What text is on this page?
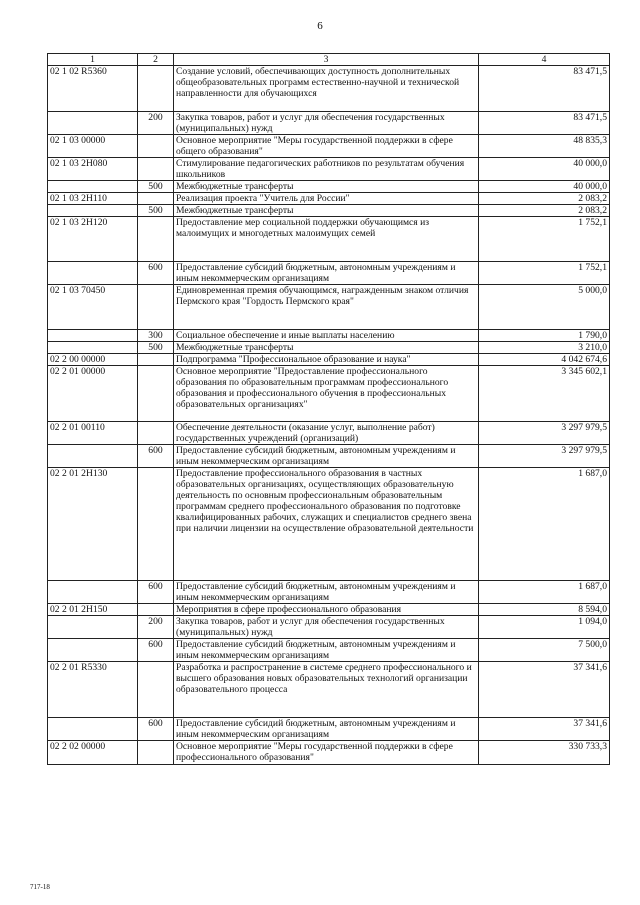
6
1	2	3	4
02 1 02 R5360		Создание условий, обеспечивающих доступность дополнительных общеобразовательных программ естественно-научной и технической направленности для обучающихся	83 471,5
	200	Закупка товаров, работ и услуг для обеспечения государственных (муниципальных) нужд	83 471,5
02 1 03 00000		Основное мероприятие "Меры государственной поддержки в сфере общего образования"	48 835,3
02 1 03 2Н080		Стимулирование педагогических работников по результатам обучения школьников	40 000,0
	500	Межбюджетные трансферты	40 000,0
02 1 03 2Н110		Реализация проекта "Учитель для России"	2 083,2
	500	Межбюджетные трансферты	2 083,2
02 1 03 2Н120		Предоставление мер социальной поддержки обучающимся из малоимущих и многодетных малоимущих семей	1 752,1
	600	Предоставление субсидий бюджетным, автономным учреждениям и иным некоммерческим организациям	1 752,1
02 1 03 70450		Единовременная премия обучающимся, награжденным знаком отличия Пермского края "Гордость Пермского края"	5 000,0
	300	Социальное обеспечение и иные выплаты населению	1 790,0
	500	Межбюджетные трансферты	3 210,0
02 2 00 00000		Подпрограмма "Профессиональное образование и наука"	4 042 674,6
02 2 01 00000		Основное мероприятие "Предоставление профессионального образования по образовательным программам профессионального образования и профессионального обучения в профессиональных образовательных организациях"	3 345 602,1
02 2 01 00110		Обеспечение деятельности (оказание услуг, выполнение работ) государственных учреждений (организаций)	3 297 979,5
	600	Предоставление субсидий бюджетным, автономным учреждениям и иным некоммерческим организациям	3 297 979,5
02 2 01 2Н130		Предоставление профессионального образования в частных образовательных организациях, осуществляющих образовательную деятельность по основным профессиональным образовательным программам среднего профессионального образования по подготовке квалифицированных рабочих, служащих и специалистов среднего звена при наличии лицензии на осуществление образовательной деятельности	1 687,0
	600	Предоставление субсидий бюджетным, автономным учреждениям и иным некоммерческим организациям	1 687,0
02 2 01 2Н150		Мероприятия в сфере профессионального образования	8 594,0
	200	Закупка товаров, работ и услуг для обеспечения государственных (муниципальных) нужд	1 094,0
	600	Предоставление субсидий бюджетным, автономным учреждениям и иным некоммерческим организациям	7 500,0
02 2 01 R5330		Разработка и распространение в системе среднего профессионального и высшего образования новых образовательных технологий организации образовательного процесса	37 341,6
	600	Предоставление субсидий бюджетным, автономным учреждениям и иным некоммерческим организациям	37 341,6
02 2 02 00000		Основное мероприятие "Меры государственной поддержки в сфере профессионального образования"	330 733,3
717-18
